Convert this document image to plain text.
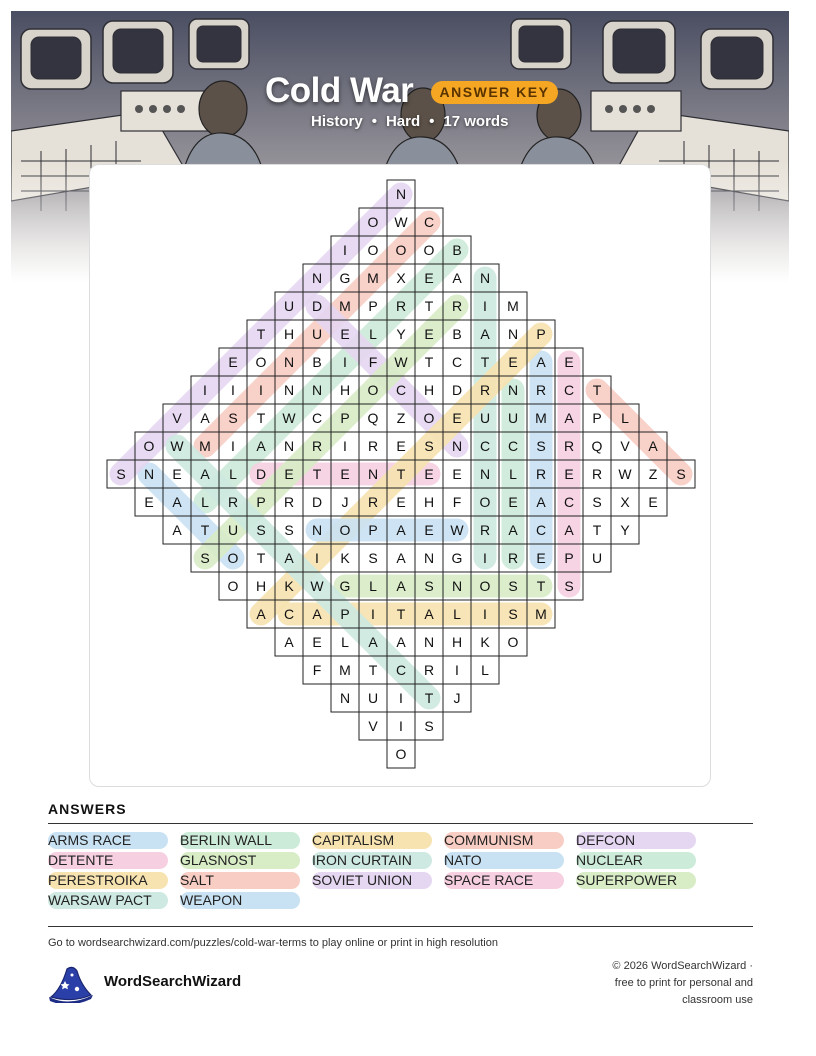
Cold War	ANSWER KEY
History • Hard • 17 words
N
O W C
I O O O B
N G M X E A N
U D M P R T R I M
T H U E L Y E B A N P
E O N B I F W T C T E A E
I I I N N H O C H D R N R C T
V A S T W C P Q Z O E U U M A P L
O W M I A N R I R E S N C C S R Q V A
S N E A L D E T E N T E E N L R E R W Z S
E A L R P R D J R E H F O E A C S X E
A T U S S N O P A E W R A C A T Y
S O T A I K S A N G I R E P U
O H K W G L A S N O S T S
A C A P I T A L I S M
A E L A A N H K O
F M T C R I L
N U I T J
V I S
O
ANSWERS
ARMS RACE	BERLIN WALL	CAPITALISM	COMMUNISM	DEFCON
DETENTE	GLASNOST	IRON CURTAIN	NATO	NUCLEAR
PERESTROIKA	SALT	SOVIET UNION	SPACE RACE	SUPERPOWER
WARSAW PACT	WEAPON
Go to wordsearchwizard.com/puzzles/cold-war-terms to play online or print in high resolution
WordSearchWizard
© 2026 WordSearchWizard ·
free to print for personal and
classroom use
